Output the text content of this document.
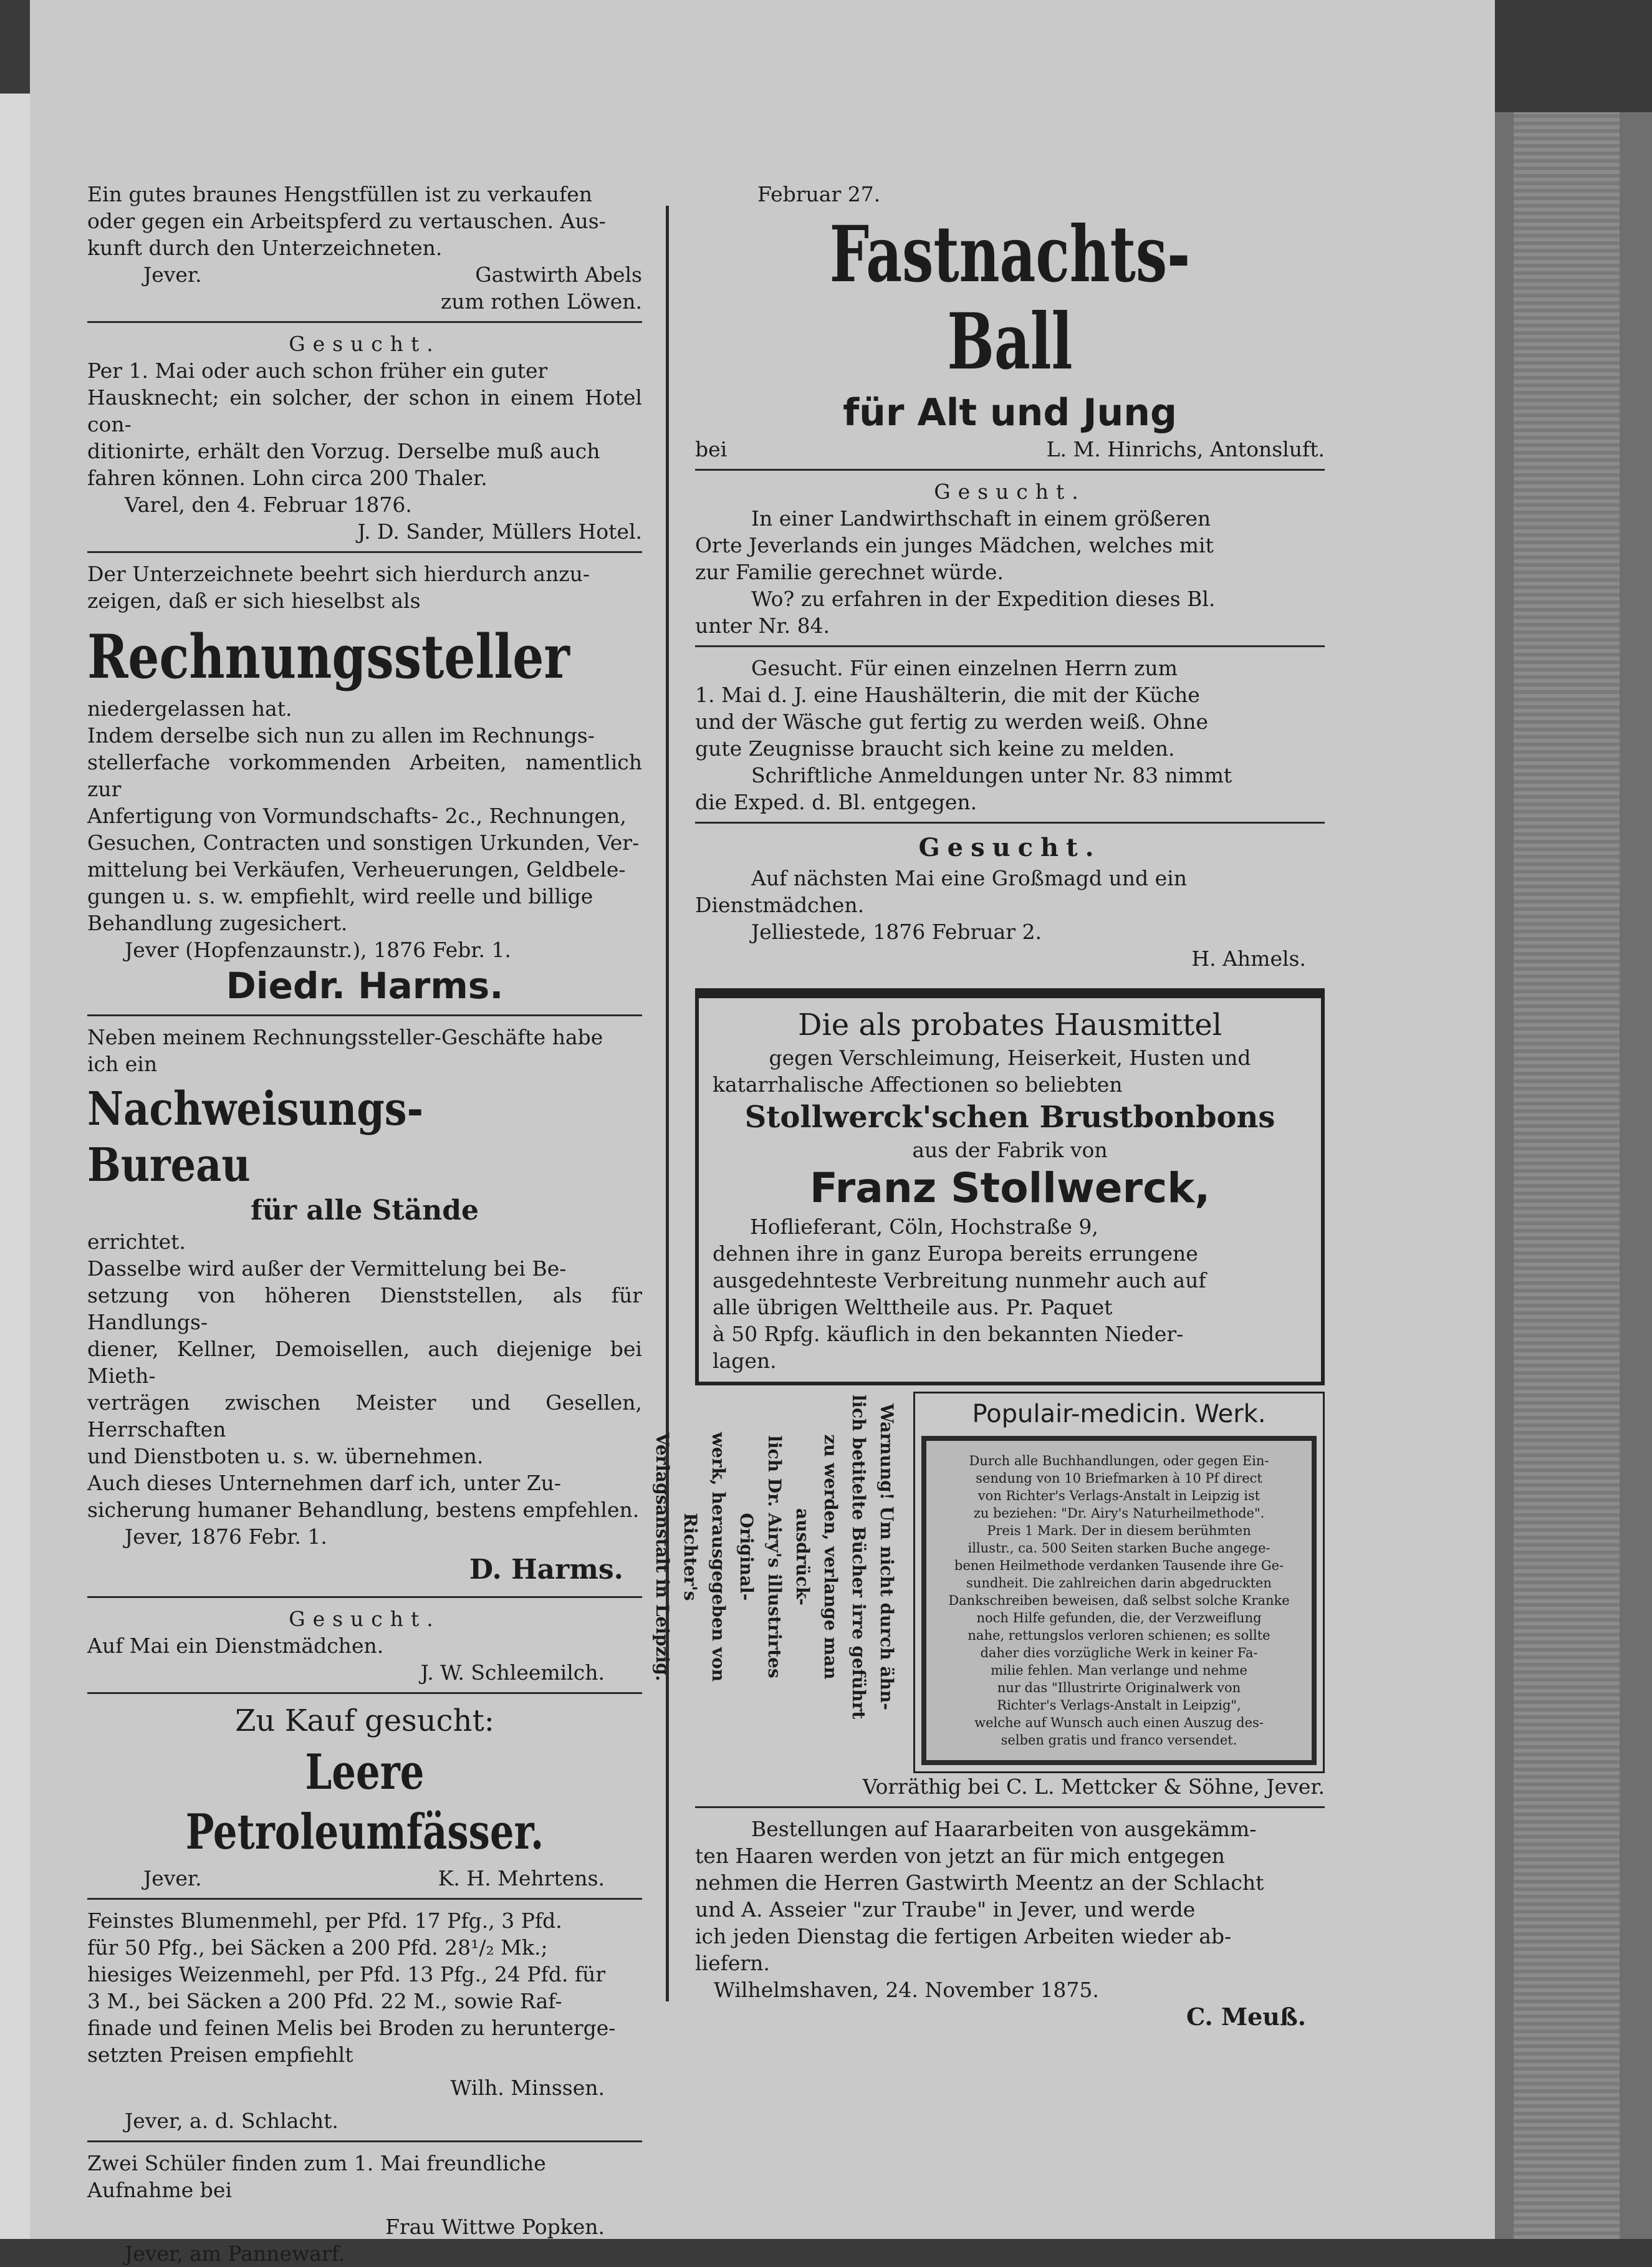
Ein gutes braunes Hengstfüllen ist zu verkaufen

oder gegen ein Arbeitspferd zu vertauschen. Aus-

kunft durch den Unterzeichneten.

Jever.	Gastwirth Abels

zum rothen Löwen.

Gesucht.

Per 1. Mai oder auch schon früher ein guter

Hausknecht; ein solcher, der schon in einem Hotel con-

ditionirte, erhält den Vorzug. Derselbe muß auch

fahren können. Lohn circa 200 Thaler.

Varel, den 4. Februar 1876.

J. D. Sander, Müllers Hotel.

Der Unterzeichnete beehrt sich hierdurch anzu-

zeigen, daß er sich hieselbst als

Rechnungssteller

niedergelassen hat.

Indem derselbe sich nun zu allen im Rechnungs-

stellerfache vorkommenden Arbeiten, namentlich zur

Anfertigung von Vormundschafts- 2c., Rechnungen,

Gesuchen, Contracten und sonstigen Urkunden, Ver-

mittelung bei Verkäufen, Verheuerungen, Geldbele-

gungen u. s. w. empfiehlt, wird reelle und billige

Behandlung zugesichert.

Jever (Hopfenzaunstr.), 1876 Febr. 1.

Diedr. Harms.

Neben meinem Rechnungssteller-Geschäfte habe

ich ein

Nachweisungs-Bureau

für alle Stände

errichtet.

Dasselbe wird außer der Vermittelung bei Be-

setzung von höheren Dienststellen, als für Handlungs-

diener, Kellner, Demoisellen, auch diejenige bei Mieth-

verträgen zwischen Meister und Gesellen, Herrschaften

und Dienstboten u. s. w. übernehmen.

Auch dieses Unternehmen darf ich, unter Zu-

sicherung humaner Behandlung, bestens empfehlen.

Jever, 1876 Febr. 1.

D. Harms.

Gesucht.

Auf Mai ein Dienstmädchen.

J. W. Schleemilch.

Zu Kauf gesucht:

Leere Petroleumfässer.

Jever.	K. H. Mehrtens.

Feinstes Blumenmehl, per Pfd. 17 Pfg., 3 Pfd.

für 50 Pfg., bei Säcken a 200 Pfd. 28¹/₂ Mk.;

hiesiges Weizenmehl, per Pfd. 13 Pfg., 24 Pfd. für

3 M., bei Säcken a 200 Pfd. 22 M., sowie Raf-

finade und feinen Melis bei Broden zu herunterge-

setzten Preisen empfiehlt

Wilh. Minssen.

Jever, a. d. Schlacht.

Zwei Schüler finden zum 1. Mai freundliche

Aufnahme bei

Frau Wittwe Popken.

Jever, am Pannewarf.

Februar 27.

Fastnachts-Ball

für Alt und Jung

bei	L. M. Hinrichs, Antonsluft.

Gesucht.

In einer Landwirthschaft in einem größeren

Orte Jeverlands ein junges Mädchen, welches mit

zur Familie gerechnet würde.

Wo? zu erfahren in der Expedition dieses Bl.

unter Nr. 84.

Gesucht. Für einen einzelnen Herrn zum

1. Mai d. J. eine Haushälterin, die mit der Küche

und der Wäsche gut fertig zu werden weiß. Ohne

gute Zeugnisse braucht sich keine zu melden.

Schriftliche Anmeldungen unter Nr. 83 nimmt

die Exped. d. Bl. entgegen.

Gesucht.

Auf nächsten Mai eine Großmagd und ein

Dienstmädchen.

Jelliestede, 1876 Februar 2.

H. Ahmels.

Die als probates Hausmittel

gegen Verschleimung, Heiserkeit, Husten und

katarrhalische Affectionen so beliebten

Stollwerck'schen Brustbonbons

aus der Fabrik von

Franz Stollwerck,

Hoflieferant, Cöln, Hochstraße 9,

dehnen ihre in ganz Europa bereits errungene

ausgedehnteste Verbreitung nunmehr auch auf

alle übrigen Welttheile aus. Pr. Paquet

à 50 Rpfg. käuflich in den bekannten Nieder-

lagen.

Warnung! Um nicht durch ähn-
lich betitelte Bücher irre geführt
zu werden, verlange man ausdrück-
lich Dr. Airy's illustrirtes Original-
werk, herausgegeben von Richter's
Verlagsanstalt in Leipzig.
Populair-medicin. Werk.
Durch alle Buchhandlungen, oder gegen Ein-
sendung von 10 Briefmarken à 10 Pf direct
von Richter's Verlags-Anstalt in Leipzig ist
zu beziehen: "Dr. Airy's Naturheilmethode".
Preis 1 Mark. Der in diesem berühmten
illustr., ca. 500 Seiten starken Buche angege-
benen Heilmethode verdanken Tausende ihre Ge-
sundheit. Die zahlreichen darin abgedruckten
Dankschreiben beweisen, daß selbst solche Kranke
noch Hilfe gefunden, die, der Verzweiflung
nahe, rettungslos verloren schienen; es sollte
daher dies vorzügliche Werk in keiner Fa-
milie fehlen. Man verlange und nehme
nur das "Illustrirte Originalwerk von
Richter's Verlags-Anstalt in Leipzig",
welche auf Wunsch auch einen Auszug des-
selben gratis und franco versendet.

Vorräthig bei C. L. Mettcker & Söhne, Jever.

Bestellungen auf Haararbeiten von ausgekämm-

ten Haaren werden von jetzt an für mich entgegen

nehmen die Herren Gastwirth Meentz an der Schlacht

und A. Asseier "zur Traube" in Jever, und werde

ich jeden Dienstag die fertigen Arbeiten wieder ab-

liefern.

Wilhelmshaven, 24. November 1875.

C. Meuß.
